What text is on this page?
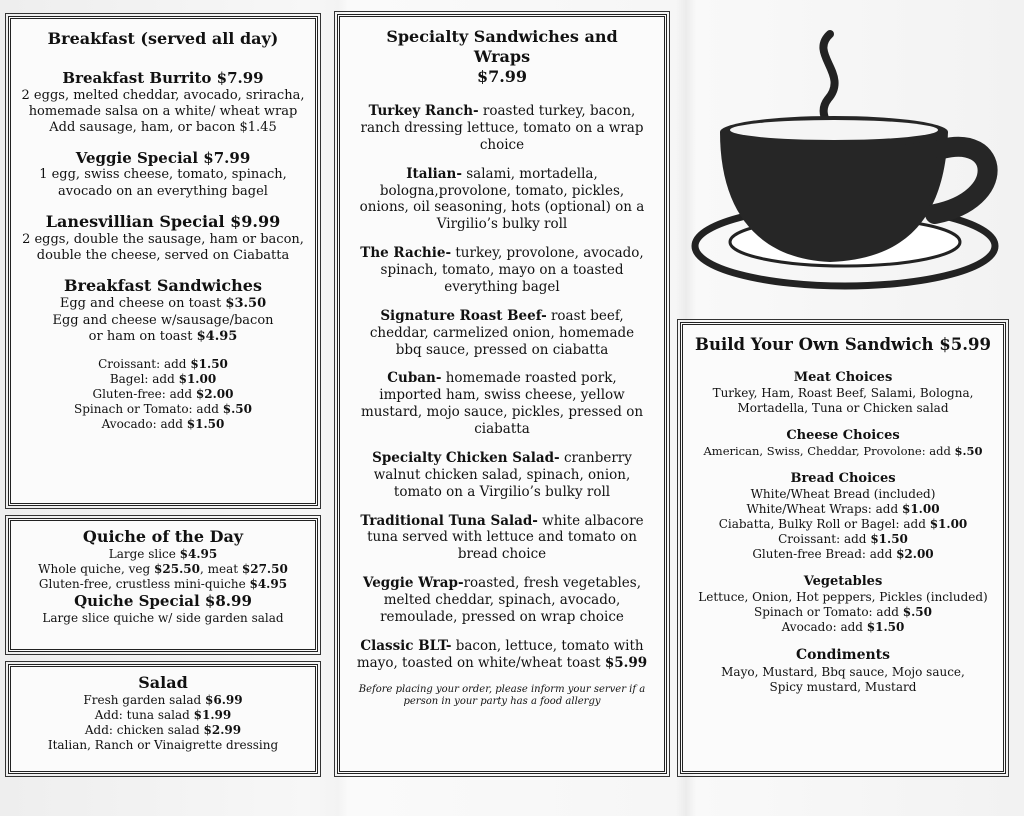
Breakfast (served all day)
Breakfast Burrito $7.99
2 eggs, melted cheddar, avocado, sriracha,
homemade salsa on a white/ wheat wrap
Add sausage, ham, or bacon $1.45
Veggie Special $7.99
1 egg, swiss cheese, tomato, spinach,
avocado on an everything bagel
Lanesvillian Special $9.99
2 eggs, double the sausage, ham or bacon,
double the cheese, served on Ciabatta
Breakfast Sandwiches
Egg and cheese on toast $3.50
Egg and cheese w/sausage/bacon
or ham on toast $4.95
Croissant: add $1.50
Bagel: add $1.00
Gluten-free: add $2.00
Spinach or Tomato: add $.50
Avocado: add $1.50
Quiche of the Day
Large slice $4.95
Whole quiche, veg $25.50, meat $27.50
Gluten-free, crustless mini-quiche $4.95
Quiche Special $8.99
Large slice quiche w/ side garden salad
Salad
Fresh garden salad $6.99
Add: tuna salad $1.99
Add: chicken salad $2.99
Italian, Ranch or Vinaigrette dressing
Specialty Sandwiches and Wraps
$7.99
Turkey Ranch- roasted turkey, bacon, ranch dressing lettuce, tomato on a wrap choice
Italian- salami, mortadella, bologna,provolone, tomato, pickles, onions, oil seasoning, hots (optional) on a Virgilio’s bulky roll
The Rachie- turkey, provolone, avocado, spinach, tomato, mayo on a toasted everything bagel
Signature Roast Beef- roast beef, cheddar, carmelized onion, homemade bbq sauce, pressed on ciabatta
Cuban- homemade roasted pork, imported ham, swiss cheese, yellow mustard, mojo sauce, pickles, pressed on ciabatta
Specialty Chicken Salad- cranberry walnut chicken salad, spinach, onion, tomato on a Virgilio’s bulky roll
Traditional Tuna Salad- white albacore tuna served with lettuce and tomato on bread choice
Veggie Wrap-roasted, fresh vegetables, melted cheddar, spinach, avocado, remoulade, pressed on wrap choice
Classic BLT- bacon, lettuce, tomato with mayo, toasted on white/wheat toast $5.99
Before placing your order, please inform your server if a person in your party has a food allergy
Build Your Own Sandwich $5.99
Meat Choices
Turkey, Ham, Roast Beef, Salami, Bologna,
Mortadella, Tuna or Chicken salad
Cheese Choices
American, Swiss, Cheddar, Provolone: add $.50
Bread Choices
White/Wheat Bread (included)
White/Wheat Wraps: add $1.00
Ciabatta, Bulky Roll or Bagel: add $1.00
Croissant: add $1.50
Gluten-free Bread: add $2.00
Vegetables
Lettuce, Onion, Hot peppers, Pickles (included)
Spinach or Tomato: add $.50
Avocado: add $1.50
Condiments
Mayo, Mustard, Bbq sauce, Mojo sauce,
Spicy mustard, Mustard
